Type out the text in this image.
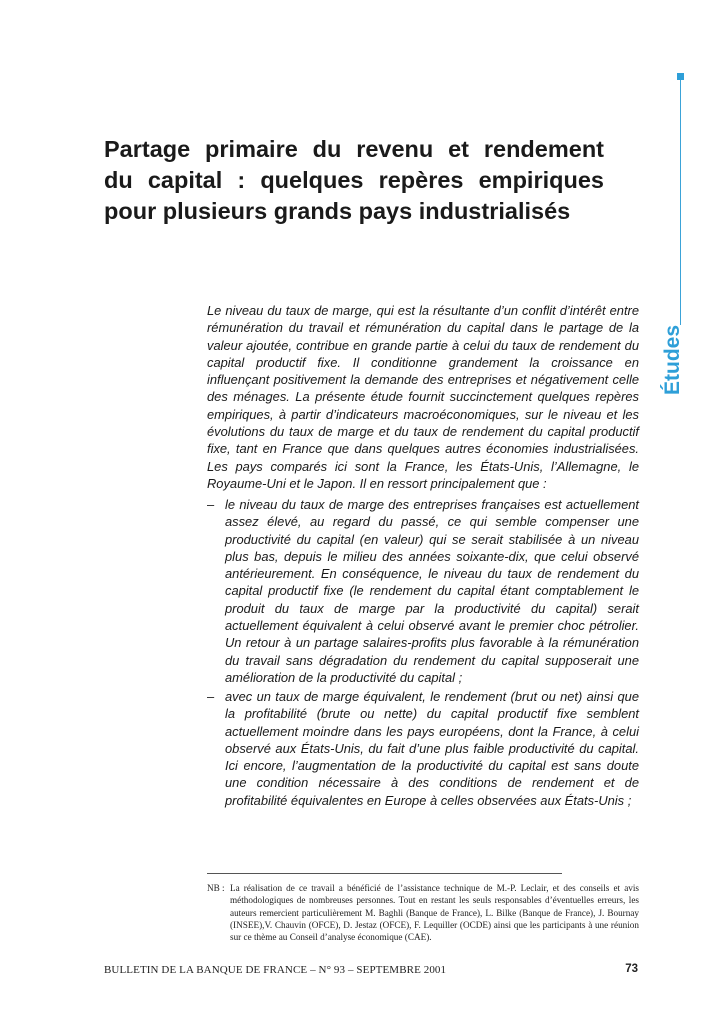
Études
Partage primaire du revenu et rendement
du capital : quelques repères empiriques
pour plusieurs grands pays industrialisés

Le niveau du taux de marge, qui est la résultante d’un conflit d’intérêt entre rémunération du travail et rémunération du capital dans le partage de la valeur ajoutée, contribue en grande partie à celui du taux de rendement du capital productif fixe. Il conditionne grandement la croissance en influençant positivement la demande des entreprises et négativement celle des ménages. La présente étude fournit succinctement quelques repères empiriques, à partir d’indicateurs macroéconomiques, sur le niveau et les évolutions du taux de marge et du taux de rendement du capital productif fixe, tant en France que dans quelques autres économies industrialisées. Les pays comparés ici sont la France, les États-Unis, l’Allemagne, le Royaume-Uni et le Japon. Il en ressort principalement que :

– le niveau du taux de marge des entreprises françaises est actuellement assez élevé, au regard du passé, ce qui semble compenser une productivité du capital (en valeur) qui se serait stabilisée à un niveau plus bas, depuis le milieu des années soixante-dix, que celui observé antérieurement. En conséquence, le niveau du taux de rendement du capital productif fixe (le rendement du capital étant comptablement le produit du taux de marge par la productivité du capital) serait actuellement équivalent à celui observé avant le premier choc pétrolier. Un retour à un partage salaires-profits plus favorable à la rémunération du travail sans dégradation du rendement du capital supposerait une amélioration de la productivité du capital ;
– avec un taux de marge équivalent, le rendement (brut ou net) ainsi que la profitabilité (brute ou nette) du capital productif fixe semblent actuellement moindre dans les pays européens, dont la France, à celui observé aux États-Unis, du fait d’une plus faible productivité du capital. Ici encore, l’augmentation de la productivité du capital est sans doute une condition nécessaire à des conditions de rendement et de profitabilité équivalentes en Europe à celles observées aux États-Unis ;
NB : La réalisation de ce travail a bénéficié de l’assistance technique de M.-P. Leclair, et des conseils et avis méthodologiques de nombreuses personnes. Tout en restant les seuls responsables d’éventuelles erreurs, les auteurs remercient particulièrement M. Baghli (Banque de France), L. Bilke (Banque de France), J. Bournay (INSEE),V. Chauvin (OFCE), D. Jestaz (OFCE), F. Lequiller (OCDE) ainsi que les participants à une réunion sur ce thème au Conseil d’analyse économique (CAE).
BULLETIN DE LA BANQUE DE FRANCE – N° 93 – SEPTEMBRE 2001	73
